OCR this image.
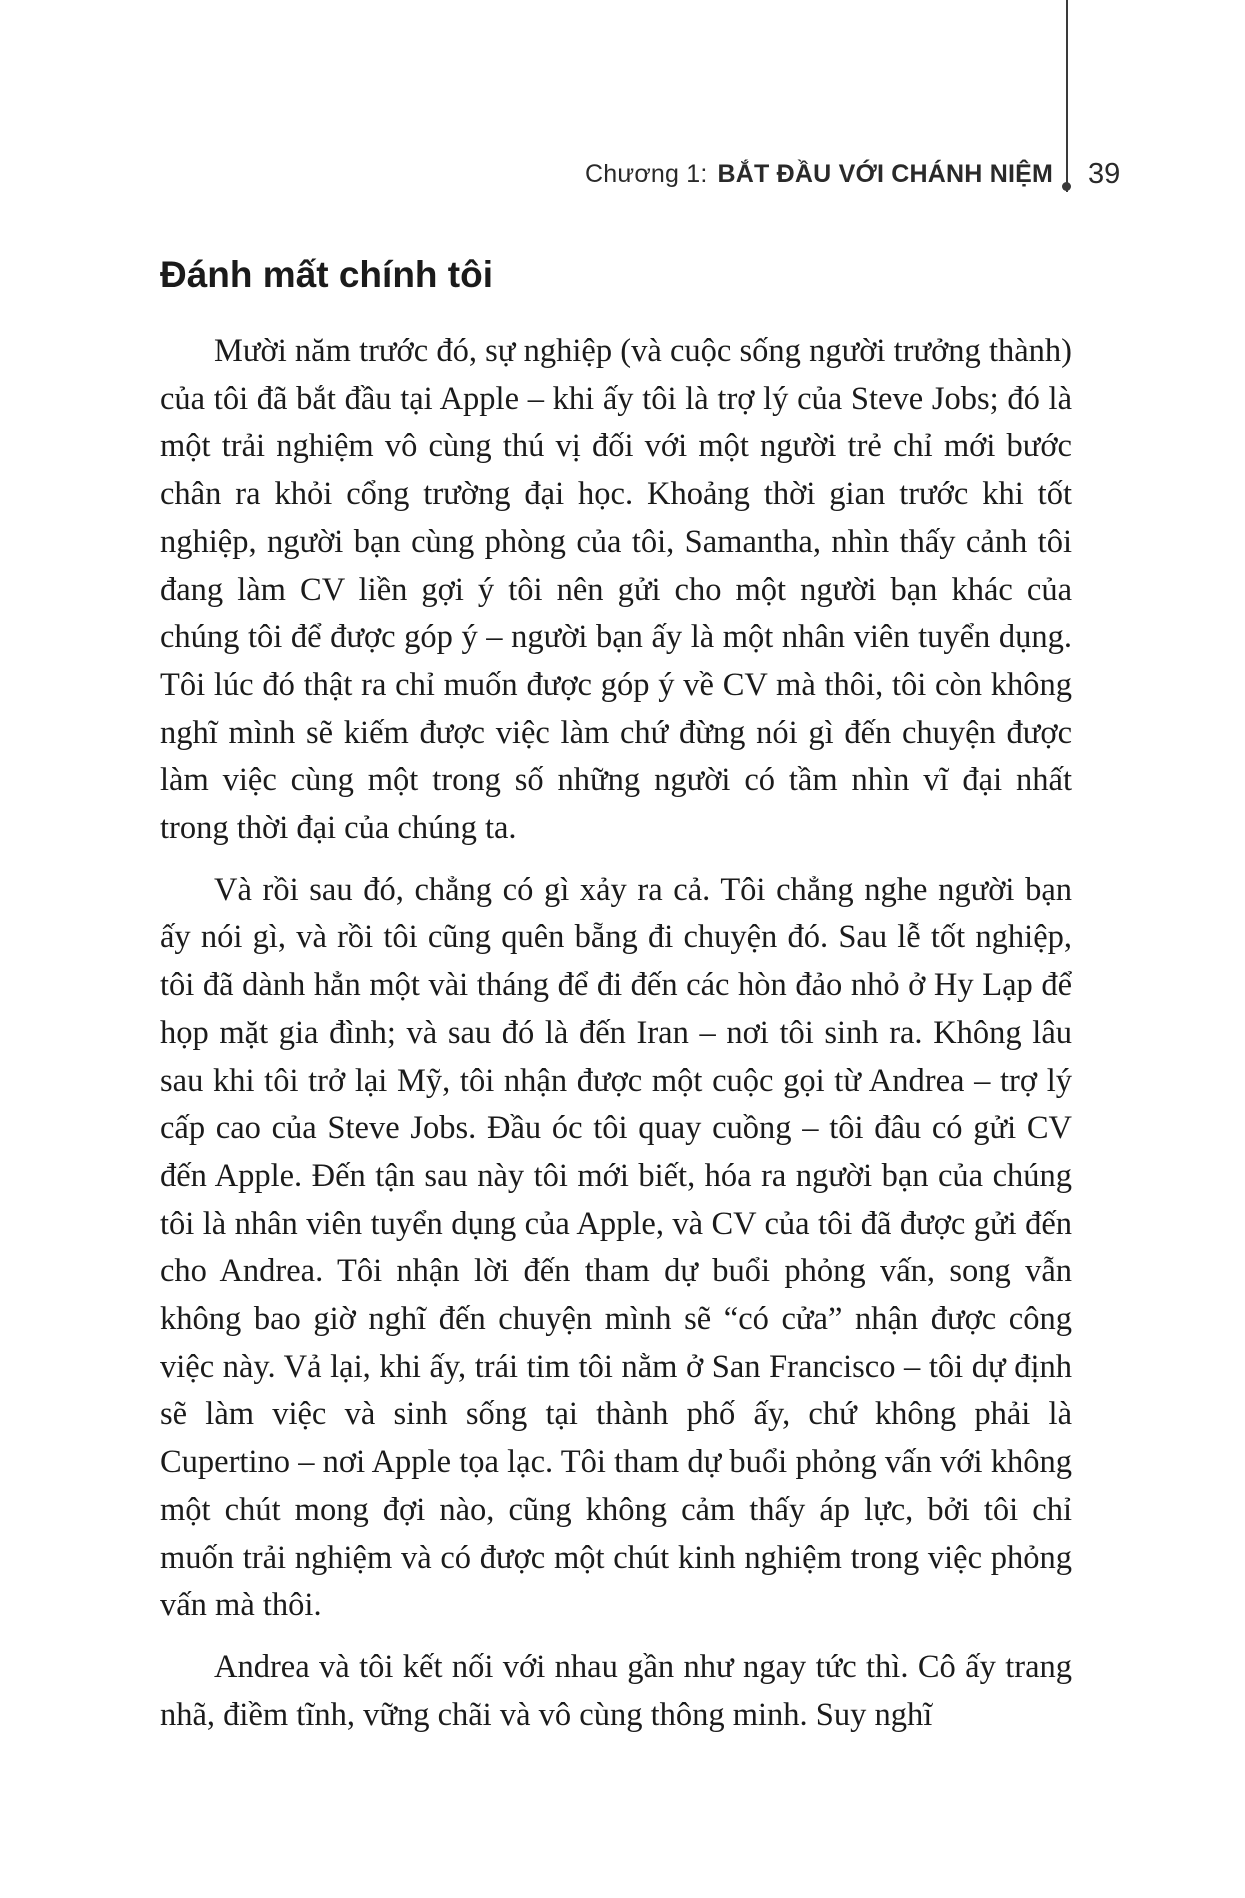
Chương 1: BẮT ĐẦU VỚI CHÁNH NIỆM 39
Đánh mất chính tôi

Mười năm trước đó, sự nghiệp (và cuộc sống người trưởng thành) của tôi đã bắt đầu tại Apple – khi ấy tôi là trợ lý của Steve Jobs; đó là một trải nghiệm vô cùng thú vị đối với một người trẻ chỉ mới bước chân ra khỏi cổng trường đại học. Khoảng thời gian trước khi tốt nghiệp, người bạn cùng phòng của tôi, Samantha, nhìn thấy cảnh tôi đang làm CV liền gợi ý tôi nên gửi cho một người bạn khác của chúng tôi để được góp ý – người bạn ấy là một nhân viên tuyển dụng. Tôi lúc đó thật ra chỉ muốn được góp ý về CV mà thôi, tôi còn không nghĩ mình sẽ kiếm được việc làm chứ đừng nói gì đến chuyện được làm việc cùng một trong số những người có tầm nhìn vĩ đại nhất trong thời đại của chúng ta.

Và rồi sau đó, chẳng có gì xảy ra cả. Tôi chẳng nghe người bạn ấy nói gì, và rồi tôi cũng quên bẵng đi chuyện đó. Sau lễ tốt nghiệp, tôi đã dành hẳn một vài tháng để đi đến các hòn đảo nhỏ ở Hy Lạp để họp mặt gia đình; và sau đó là đến Iran – nơi tôi sinh ra. Không lâu sau khi tôi trở lại Mỹ, tôi nhận được một cuộc gọi từ Andrea – trợ lý cấp cao của Steve Jobs. Đầu óc tôi quay cuồng – tôi đâu có gửi CV đến Apple. Đến tận sau này tôi mới biết, hóa ra người bạn của chúng tôi là nhân viên tuyển dụng của Apple, và CV của tôi đã được gửi đến cho Andrea. Tôi nhận lời đến tham dự buổi phỏng vấn, song vẫn không bao giờ nghĩ đến chuyện mình sẽ “có cửa” nhận được công việc này. Vả lại, khi ấy, trái tim tôi nằm ở San Francisco – tôi dự định sẽ làm việc và sinh sống tại thành phố ấy, chứ không phải là Cupertino – nơi Apple tọa lạc. Tôi tham dự buổi phỏng vấn với không một chút mong đợi nào, cũng không cảm thấy áp lực, bởi tôi chỉ muốn trải nghiệm và có được một chút kinh nghiệm trong việc phỏng vấn mà thôi.

Andrea và tôi kết nối với nhau gần như ngay tức thì. Cô ấy trang nhã, điềm tĩnh, vững chãi và vô cùng thông minh. Suy nghĩ
